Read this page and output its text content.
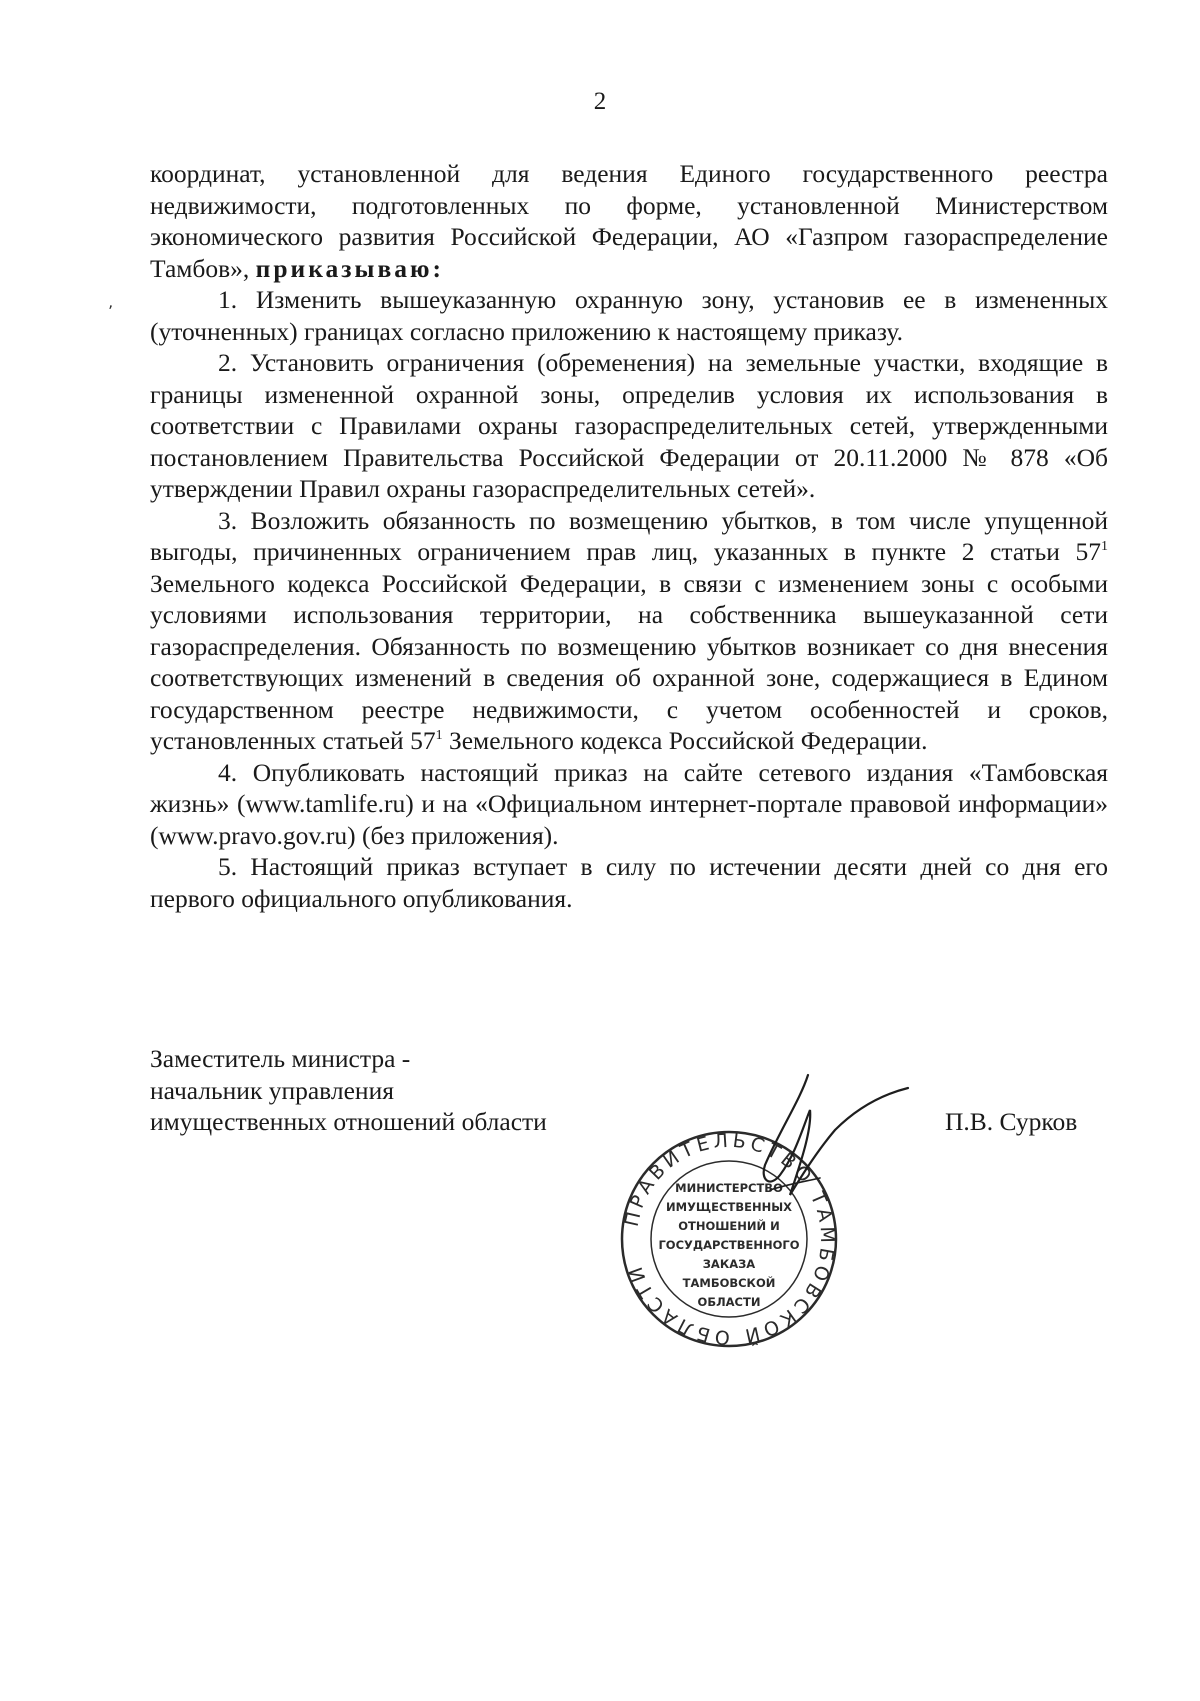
2
٬

координат, установленной для ведения Единого государственного реестра недвижимости, подготовленных по форме, установленной Министерством экономического развития Российской Федерации, АО «Газпром газораспределение Тамбов», приказываю:

1. Изменить вышеуказанную охранную зону, установив ее в измененных (уточненных) границах согласно приложению к настоящему приказу.

2. Установить ограничения (обременения) на земельные участки, входящие в границы измененной охранной зоны, определив условия их использования в соответствии с Правилами охраны газораспределительных сетей, утвержденными постановлением Правительства Российской Федерации от 20.11.2000 № 878 «Об утверждении Правил охраны газораспределительных сетей».

3. Возложить обязанность по возмещению убытков, в том числе упущенной выгоды, причиненных ограничением прав лиц, указанных в пункте 2 статьи $57^1$ Земельного кодекса Российской Федерации, в связи с изменением зоны с особыми условиями использования территории, на собственника вышеуказанной сети газораспределения. Обязанность по возмещению убытков возникает со дня внесения соответствующих изменений в сведения об охранной зоне, содержащиеся в Едином государственном реестре недвижимости, с учетом особенностей и сроков, установленных статьей $57^1$ Земельного кодекса Российской Федерации.

4. Опубликовать настоящий приказ на сайте сетевого издания «Тамбовская жизнь» (www.tamlife.ru) и на «Официальном интернет-портале правовой информации» (www.pravo.gov.ru) (без приложения).

5. Настоящий приказ вступает в силу по истечении десяти дней со дня его первого официального опубликования.

Заместитель министра -
начальник управления
имущественных отношений области	П.В. Сурков
ПРАВИТЕЛЬСТВО ТАМБОВСКОЙ ОБЛАСТИ
МИНИСТЕРСТВО
ИМУЩЕСТВЕННЫХ
ОТНОШЕНИЙ И
ГОСУДАРСТВЕННОГО
ЗАКАЗА
ТАМБОВСКОЙ
ОБЛАСТИ
